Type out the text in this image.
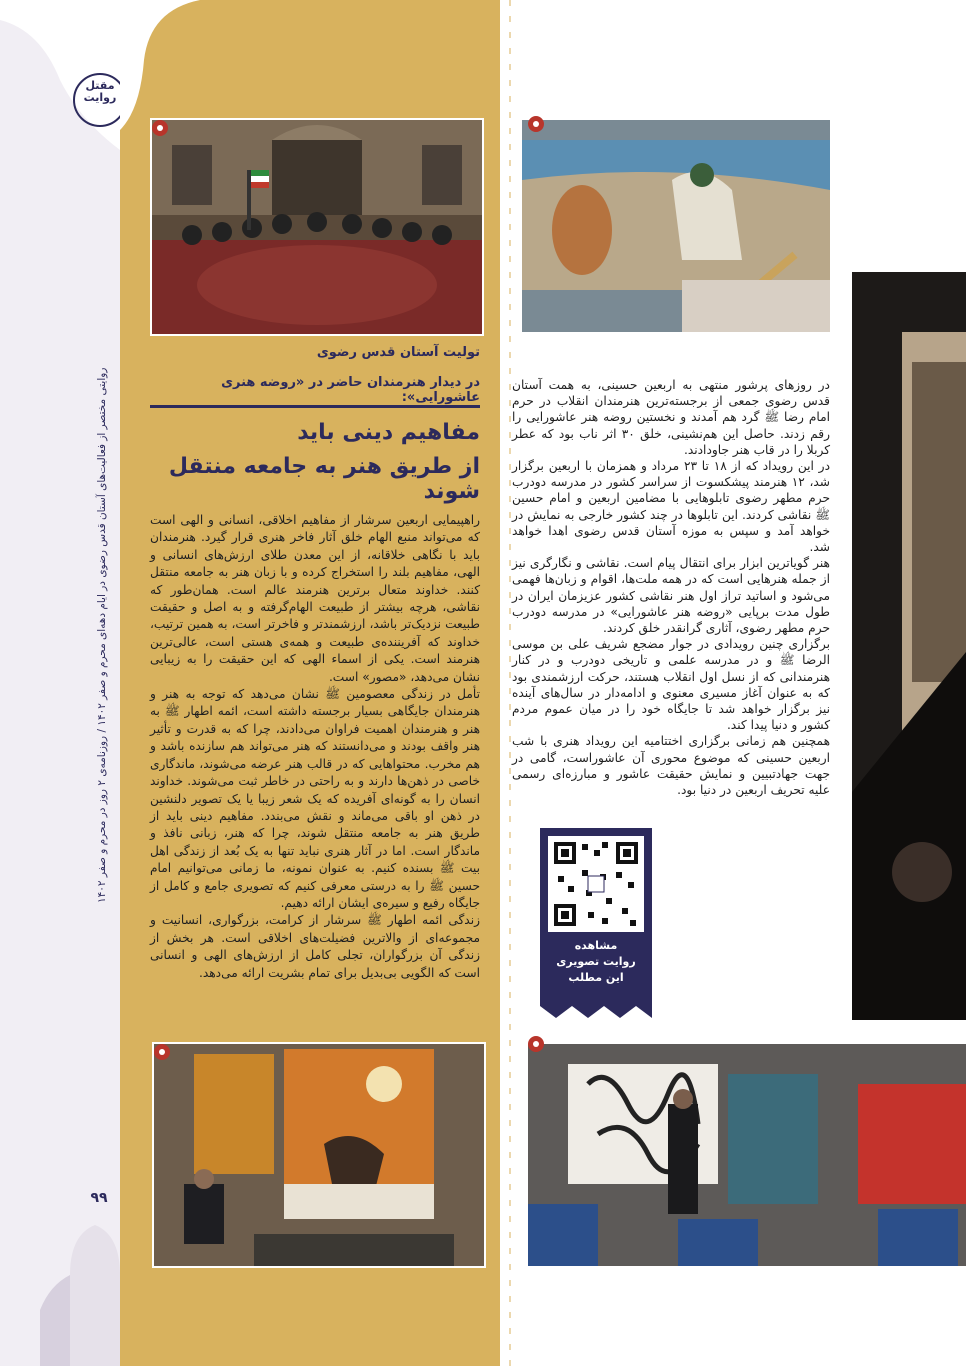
مقتل روایت
روایتی مختصر از فعالیت‌های آستان قدس رضوی در ایام دهه‌ای محرم و صفر ۱۴۰۲ / روزنامه‌ی ۲ روز در محرم و صفر ۱۴۰۲
۹۹
تولیت آستان قدس رضوی
در دیدار هنرمندان حاضر در «روضه هنری عاشورایی»:
مفاهیم دینی باید
از طریق هنر به جامعه منتقل شوند

راهپیمایی اربعین سرشار از مفاهیم اخلاقی، انسانی و الهی است که می‌تواند منبع الهام خلق آثار فاخر هنری قرار گیرد. هنرمندان باید با نگاهی خلاقانه، از این معدن طلای ارزش‌های انسانی و الهی، مفاهیم بلند را استخراج کرده و با زبان هنر به جامعه منتقل کنند. خداوند متعال برترین هنرمند عالم است. همان‌طور که نقاشی، هرچه بیشتر از طبیعت الهام‌گرفته و به اصل و حقیقت طبیعت نزدیک‌تر باشد، ارزشمندتر و فاخرتر است، به همین ترتیب، خداوند که آفریننده‌ی طبیعت و همه‌ی هستی است، عالی‌ترین هنرمند است. یکی از اسماء الهی که این حقیقت را به زیبایی نشان می‌دهد، «مصور» است.

تأمل در زندگی معصومین ﷺ نشان می‌دهد که توجه به هنر و هنرمندان جایگاهی بسیار برجسته داشته است، ائمه اطهار ﷺ به هنر و هنرمندان اهمیت فراوان می‌دادند، چرا که به قدرت و تأثیر هنر واقف بودند و می‌دانستند که هنر می‌تواند هم سازنده باشد و هم مخرب. محتواهایی که در قالب هنر عرضه می‌شوند، ماندگاری خاصی در ذهن‌ها دارند و به راحتی در خاطر ثبت می‌شوند. خداوند انسان را به گونه‌ای آفریده که یک شعر زیبا یا یک تصویر دلنشین در ذهن او باقی می‌ماند و نقش می‌بندد. مفاهیم دینی باید از طریق هنر به جامعه منتقل شوند، چرا که هنر، زبانی نافذ و ماندگار است. اما در آثار هنری نباید تنها به یک بُعد از زندگی اهل بیت ﷺ بسنده کنیم. به عنوان نمونه، ما زمانی می‌توانیم امام حسین ﷺ را به درستی معرفی کنیم که تصویری جامع و کامل از جایگاه رفیع و سیره‌ی ایشان ارائه دهیم.

زندگی ائمه اطهار ﷺ سرشار از کرامت، بزرگواری، انسانیت و مجموعه‌ای از والاترین فضیلت‌های اخلاقی است. هر بخش از زندگی آن بزرگواران، تجلی کامل از ارزش‌های الهی و انسانی است که الگویی بی‌بدیل برای تمام بشریت ارائه می‌دهد.

در روزهای پرشور منتهی به اربعین حسینی، به همت آستان قدس رضوی جمعی از برجسته‌ترین هنرمندان انقلاب در حرم امام رضا ﷺ گرد هم آمدند و نخستین روضه هنر عاشورایی را رقم زدند. حاصل این هم‌نشینی، خلق ۳۰ اثر ناب بود که عطر کربلا را در قاب هنر جاودادند.

در این رویداد که از ۱۸ تا ۲۳ مرداد و همزمان با اربعین برگزار شد، ۱۲ هنرمند پیشکسوت از سراسر کشور در مدرسه دودرب حرم مطهر رضوی تابلوهایی با مضامین اربعین و امام حسین ﷺ نقاشی کردند. این تابلوها در چند کشور خارجی به نمایش در خواهد آمد و سپس به موزه آستان قدس رضوی اهدا خواهد شد.

هنر گویاترین ابزار برای انتقال پیام است. نقاشی و نگارگری نیز از جمله هنرهایی است که در همه ملت‌ها، اقوام و زبان‌ها فهمی می‌شود و اساتید تراز اول هنر نقاشی کشور عزیزمان ایران در طول مدت برپایی «روضه هنر عاشورایی» در مدرسه دودرب حرم مطهر رضوی، آثاری گرانقدر خلق کردند.

برگزاری چنین رویدادی در جوار مضجع شریف علی بن موسی الرضا ﷺ و در مدرسه علمی و تاریخی دودرب و در کنار هنرمندانی که از نسل اول انقلاب هستند، حرکت ارزشمندی بود که به عنوان آغاز مسیری معنوی و ادامه‌دار در سال‌های آینده نیز برگزار خواهد شد تا جایگاه خود را در میان عموم مردم کشور و دنیا پیدا کند.

همچنین هم زمانی برگزاری اختتامیه این رویداد هنری با شب اربعین حسینی که موضوع محوری آن عاشوراست، گامی در جهت جهادتبیین و نمایش حقیقت عاشور و مبارزه‌ای رسمی علیه تحریف اربعین در دنیا بود.

مشاهده
روایت تصویری
این مطلب
